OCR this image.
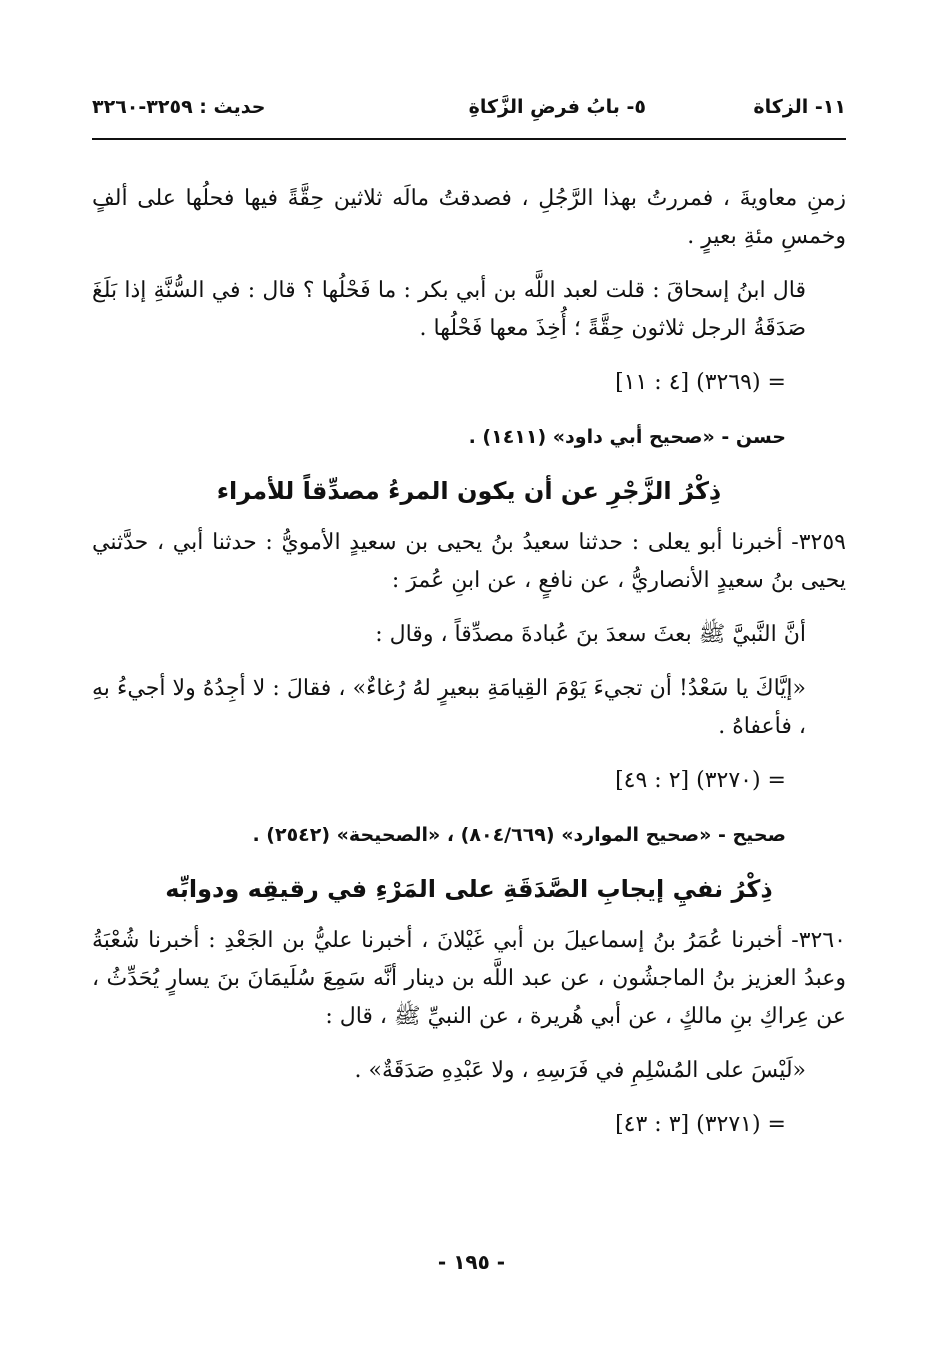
١١- الزكاة
٥- بابُ فرضِ الزَّكاةِ
حديث : ٣٢٥٩-٣٢٦٠

زمنِ معاويةَ ، فمررتُ بهذا الرَّجُلِ ، فصدقتُ مالَه ثلاثين حِقَّةً فيها فحلُها على ألفٍ وخمسِ مئةِ بعيرٍ .

قال ابنُ إسحاقَ : قلت لعبد اللَّه بن أبي بكر : ما فَحْلُها ؟ قال : في السُّنَّةِ إذا بَلَغَ صَدَقَةُ الرجل ثلاثون حِقَّةً ؛ أُخِذَ معها فَحْلُها .

= (٣٢٦٩) [٤ : ١١]

حسن - «صحيح أبي داود» (١٤١١) .

ذِكْرُ الزَّجْرِ عن أن يكون المرءُ مصدِّقاً للأمراء

٣٢٥٩- أخبرنا أبو يعلى : حدثنا سعيدُ بنُ يحيى بن سعيدٍ الأمويُّ : حدثنا أبي ، حدَّثني يحيى بنُ سعيدٍ الأنصاريُّ ، عن نافعٍ ، عن ابنِ عُمرَ :

أنَّ النَّبيَّ ﷺ بعثَ سعدَ بنَ عُبادةَ مصدِّقاً ، وقال :

«إيَّاكَ يا سَعْدُ! أن تجيءَ يَوْمَ القِيامَةِ ببعيرٍ لهُ رُغاءٌ» ، فقالَ : لا أجِدُهُ ولا أجيءُ بهِ ، فأعفاهُ .

= (٣٢٧٠) [٢ : ٤٩]

صحيح - «صحيح الموارد» (٨٠٤/٦٦٩) ، «الصحيحة» (٢٥٤٢) .

ذِكْرُ نفيِ إيجابِ الصَّدَقَةِ على المَرْءِ في رقيقِه ودوابِّه

٣٢٦٠- أخبرنا عُمَرُ بنُ إسماعيلَ بن أبي غَيْلانَ ، أخبرنا عليُّ بن الجَعْدِ : أخبرنا شُعْبَةُ وعبدُ العزيز بنُ الماجشُون ، عن عبد اللَّه بن دينار أنَّه سَمِعَ سُلَيمَانَ بنَ يسارٍ يُحَدِّثُ ، عن عِراكِ بنِ مالكٍ ، عن أبي هُريرة ، عن النبيِّ ﷺ ، قال :

«لَيْسَ على المُسْلِمِ في فَرَسِهِ ، ولا عَبْدِهِ صَدَقَةٌ» .

= (٣٢٧١) [٣ : ٤٣]

- ١٩٥ -
